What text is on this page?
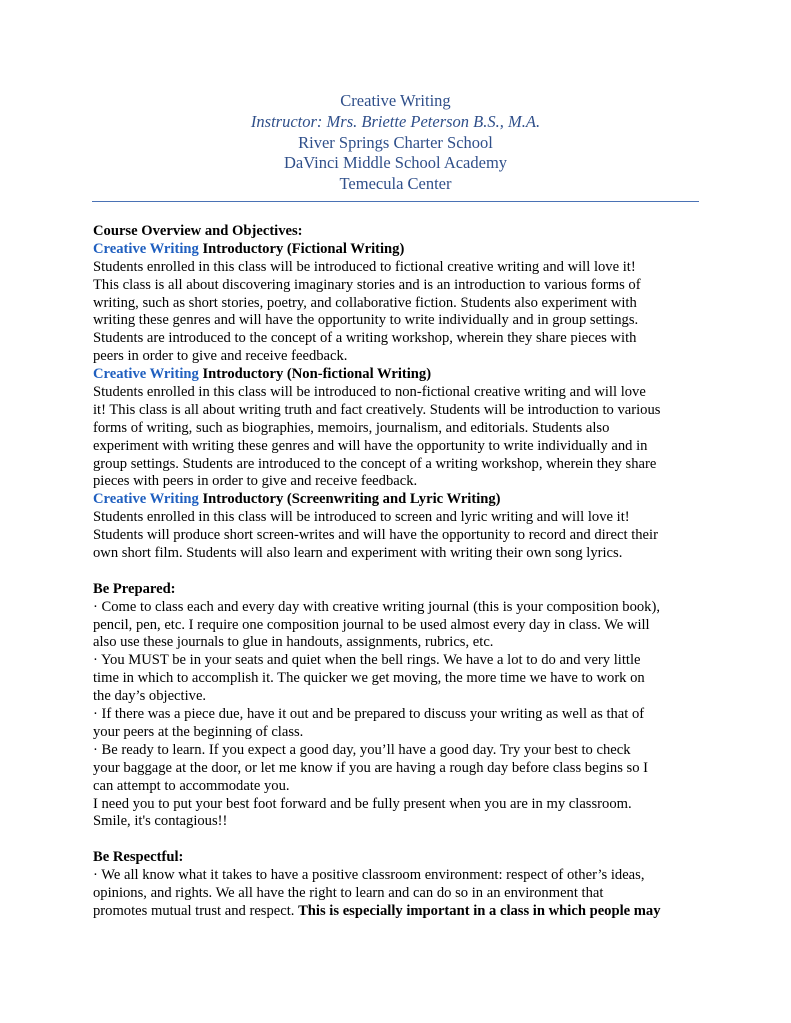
Creative Writing
Instructor: Mrs. Briette Peterson B.S., M.A.
River Springs Charter School
DaVinci Middle School Academy
Temecula Center
Course Overview and Objectives:
Creative Writing Introductory (Fictional Writing)
Students enrolled in this class will be introduced to fictional creative writing and will love it!
This class is all about discovering imaginary stories and is an introduction to various forms of
writing, such as short stories, poetry, and collaborative fiction. Students also experiment with
writing these genres and will have the opportunity to write individually and in group settings.
Students are introduced to the concept of a writing workshop, wherein they share pieces with
peers in order to give and receive feedback.
Creative Writing Introductory (Non-fictional Writing)
Students enrolled in this class will be introduced to non-fictional creative writing and will love
it! This class is all about writing truth and fact creatively. Students will be introduction to various
forms of writing, such as biographies, memoirs, journalism, and editorials. Students also
experiment with writing these genres and will have the opportunity to write individually and in
group settings. Students are introduced to the concept of a writing workshop, wherein they share
pieces with peers in order to give and receive feedback.
Creative Writing Introductory (Screenwriting and Lyric Writing)
Students enrolled in this class will be introduced to screen and lyric writing and will love it!
Students will produce short screen-writes and will have the opportunity to record and direct their
own short film. Students will also learn and experiment with writing their own song lyrics.
Be Prepared:
· Come to class each and every day with creative writing journal (this is your composition book),
pencil, pen, etc. I require one composition journal to be used almost every day in class. We will
also use these journals to glue in handouts, assignments, rubrics, etc.
· You MUST be in your seats and quiet when the bell rings. We have a lot to do and very little
time in which to accomplish it. The quicker we get moving, the more time we have to work on
the day’s objective.
· If there was a piece due, have it out and be prepared to discuss your writing as well as that of
your peers at the beginning of class.
· Be ready to learn. If you expect a good day, you’ll have a good day. Try your best to check
your baggage at the door, or let me know if you are having a rough day before class begins so I
can attempt to accommodate you.
I need you to put your best foot forward and be fully present when you are in my classroom.
Smile, it's contagious!!
Be Respectful:
· We all know what it takes to have a positive classroom environment: respect of other’s ideas,
opinions, and rights. We all have the right to learn and can do so in an environment that
promotes mutual trust and respect. This is especially important in a class in which people may
